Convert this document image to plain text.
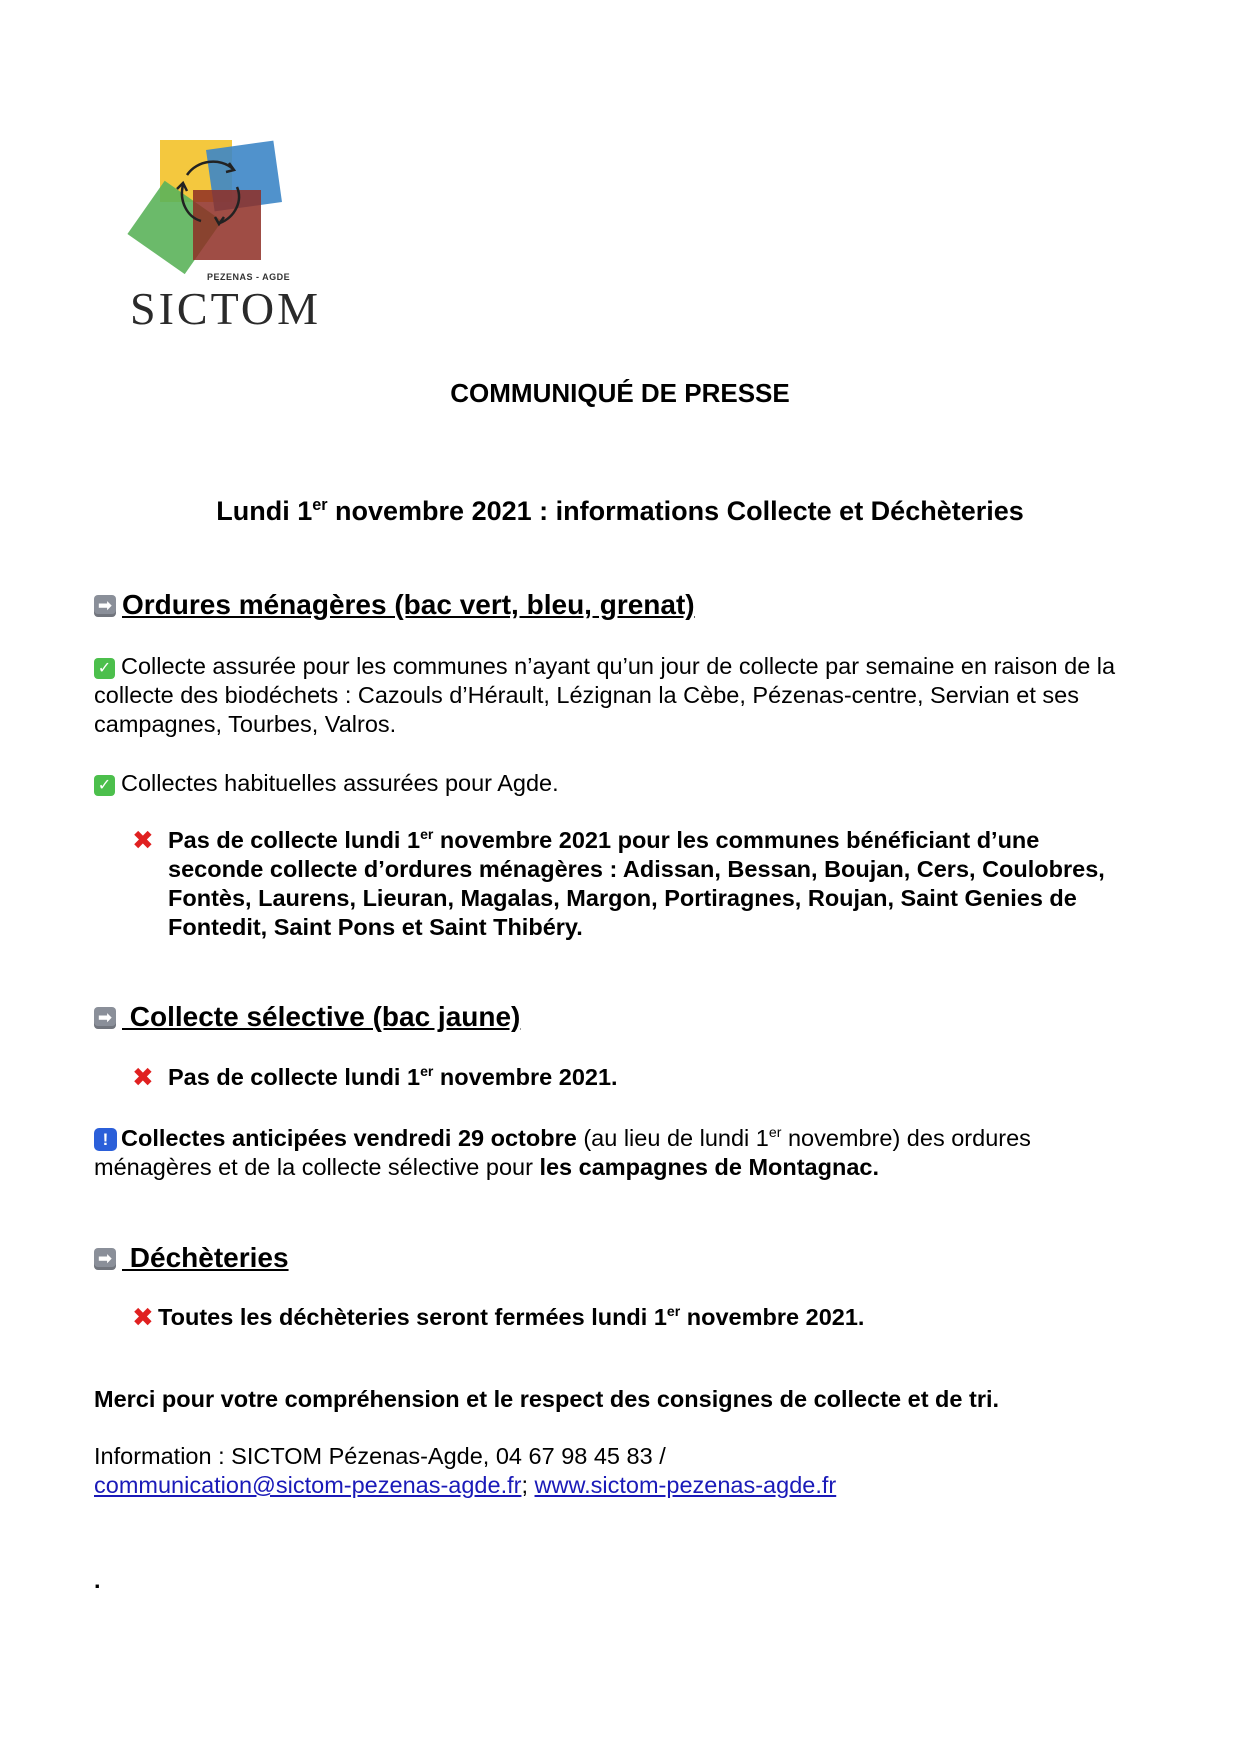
PEZENAS - AGDE
SICTOM
COMMUNIQUÉ DE PRESSE
Lundi 1er novembre 2021 : informations Collecte et Déchèteries
➡ Ordures ménagères (bac vert, bleu, grenat)
✓ Collecte assurée pour les communes n’ayant qu’un jour de collecte par semaine en raison de la collecte des biodéchets : Cazouls d’Hérault, Lézignan la Cèbe, Pézenas-centre, Servian et ses campagnes, Tourbes, Valros.
✓ Collectes habituelles assurées pour Agde.
✖ Pas de collecte lundi 1er novembre 2021 pour les communes bénéficiant d’une seconde collecte d’ordures ménagères : Adissan, Bessan, Boujan, Cers, Coulobres, Fontès, Laurens, Lieuran, Magalas, Margon, Portiragnes, Roujan, Saint Genies de Fontedit, Saint Pons et Saint Thibéry.
➡ Collecte sélective (bac jaune)
✖ Pas de collecte lundi 1er novembre 2021.
! Collectes anticipées vendredi 29 octobre (au lieu de lundi 1er novembre) des ordures ménagères et de la collecte sélective pour les campagnes de Montagnac.
➡ Déchèteries
✖ Toutes les déchèteries seront fermées lundi 1er novembre 2021.
Merci pour votre compréhension et le respect des consignes de collecte et de tri.
Information : SICTOM Pézenas-Agde, 04 67 98 45 83 /
communication@sictom-pezenas-agde.fr; www.sictom-pezenas-agde.fr
.
